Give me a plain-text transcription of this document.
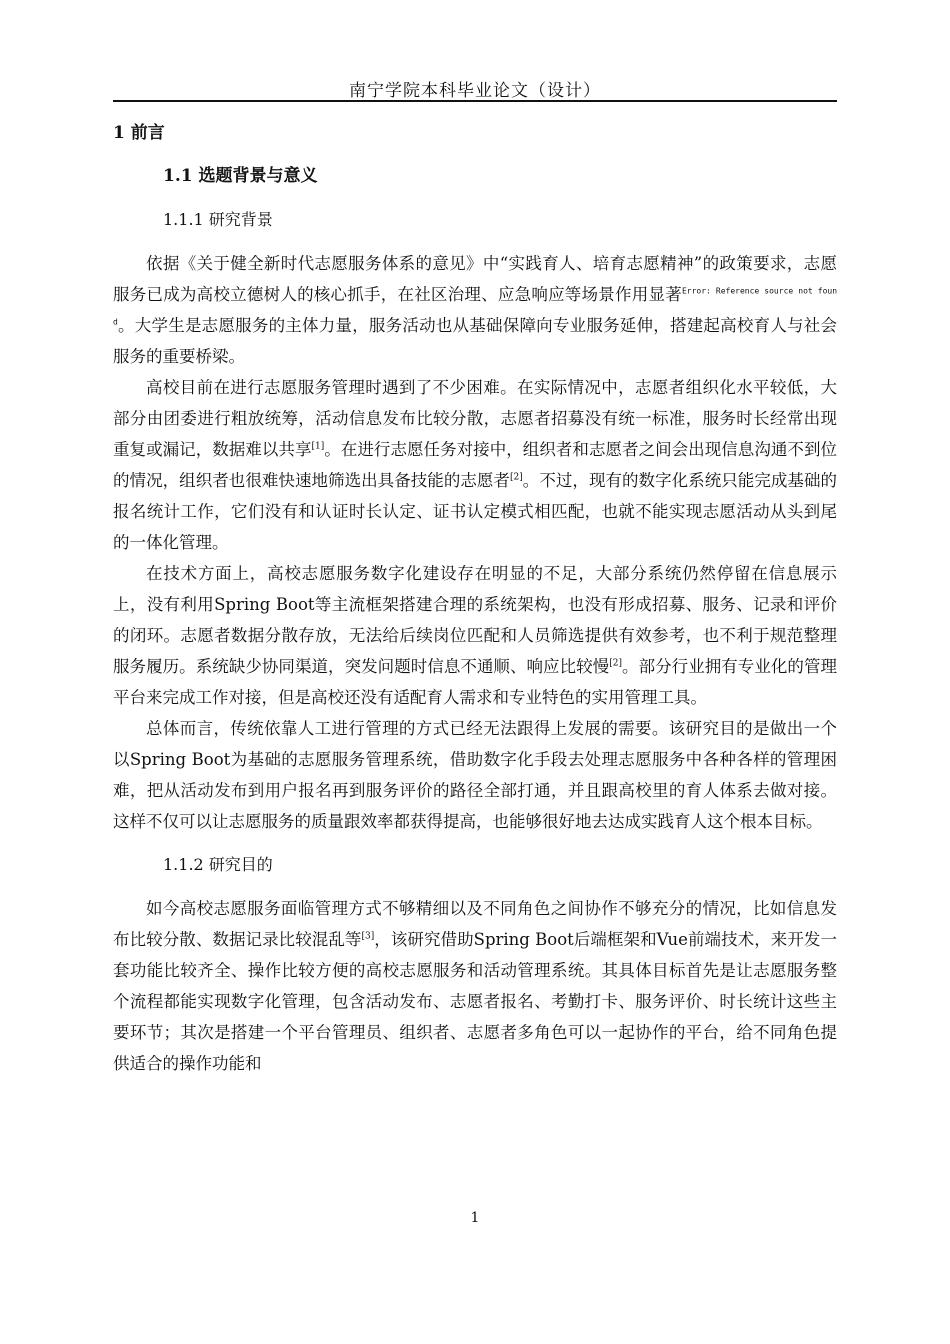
南宁学院本科毕业论文（设计）
1 前言
1.1 选题背景与意义
1.1.1 研究背景

依据《关于健全新时代志愿服务体系的意见》中“实践育人、培育志愿精神”的政策要求，志愿服务已成为高校立德树人的核心抓手，在社区治理、应急响应等场景作用显著$^{Error: Reference source not found}$。大学生是志愿服务的主体力量，服务活动也从基础保障向专业服务延伸，搭建起高校育人与社会服务的重要桥梁。

高校目前在进行志愿服务管理时遇到了不少困难。在实际情况中，志愿者组织化水平较低，大部分由团委进行粗放统筹，活动信息发布比较分散，志愿者招募没有统一标准，服务时长经常出现重复或漏记，数据难以共享[1]。在进行志愿任务对接中，组织者和志愿者之间会出现信息沟通不到位的情况，组织者也很难快速地筛选出具备技能的志愿者[2]。不过，现有的数字化系统只能完成基础的报名统计工作，它们没有和认证时长认定、证书认定模式相匹配，也就不能实现志愿活动从头到尾的一体化管理。

在技术方面上，高校志愿服务数字化建设存在明显的不足，大部分系统仍然停留在信息展示上，没有利用Spring Boot等主流框架搭建合理的系统架构，也没有形成招募、服务、记录和评价的闭环。志愿者数据分散存放，无法给后续岗位匹配和人员筛选提供有效参考，也不利于规范整理服务履历。系统缺少协同渠道，突发问题时信息不通顺、响应比较慢[2]。部分行业拥有专业化的管理平台来完成工作对接，但是高校还没有适配育人需求和专业特色的实用管理工具。

总体而言，传统依靠人工进行管理的方式已经无法跟得上发展的需要。该研究目的是做出一个以Spring Boot为基础的志愿服务管理系统，借助数字化手段去处理志愿服务中各种各样的管理困难，把从活动发布到用户报名再到服务评价的路径全部打通，并且跟高校里的育人体系去做对接。这样不仅可以让志愿服务的质量跟效率都获得提高，也能够很好地去达成实践育人这个根本目标。

1.1.2 研究目的

如今高校志愿服务面临管理方式不够精细以及不同角色之间协作不够充分的情况，比如信息发布比较分散、数据记录比较混乱等[3]，该研究借助Spring Boot后端框架和Vue前端技术，来开发一套功能比较齐全、操作比较方便的高校志愿服务和活动管理系统。其具体目标首先是让志愿服务整个流程都能实现数字化管理，包含活动发布、志愿者报名、考勤打卡、服务评价、时长统计这些主要环节；其次是搭建一个平台管理员、组织者、志愿者多角色可以一起协作的平台，给不同角色提供适合的操作功能和

1
